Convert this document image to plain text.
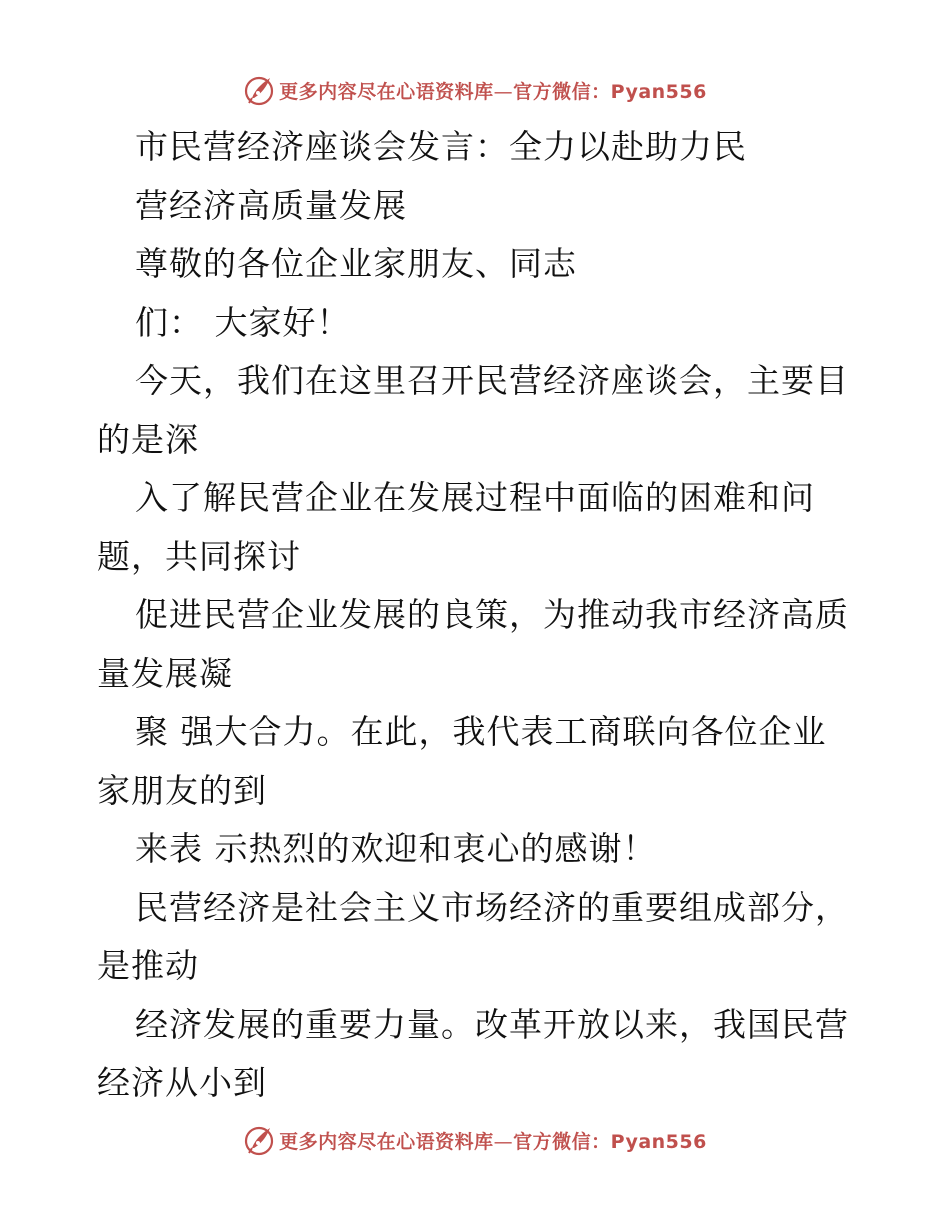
更多内容尽在心语资料库—官方微信：Pyan556
市民营经济座谈会发言：全力以赴助力民
营经济高质量发展
尊敬的各位企业家朋友、同志
们： 大家好！
今天，我们在这里召开民营经济座谈会，主要目
的是深
入了解民营企业在发展过程中面临的困难和问
题，共同探讨
促进民营企业发展的良策，为推动我市经济高质
量发展凝
聚 强大合力。在此，我代表工商联向各位企业
家朋友的到
来表 示热烈的欢迎和衷心的感谢！
民营经济是社会主义市场经济的重要组成部分，
是推动
经济发展的重要力量。改革开放以来，我国民营
经济从小到
更多内容尽在心语资料库—官方微信：Pyan556
